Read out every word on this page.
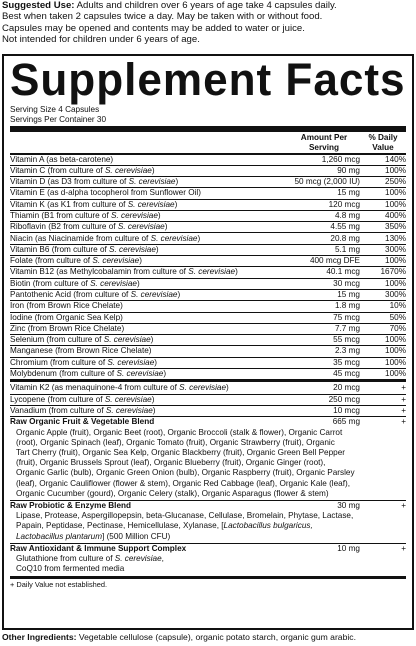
Suggested Use: Adults and children over 6 years of age take 4 capsules daily.
Best when taken 2 capsules twice a day. May be taken with or without food.
Capsules may be opened and contents may be added to water or juice.
Not intended for children under 6 years of age.
Supplement Facts
Serving Size 4 Capsules
Servings Per Container 30
Amount Per Serving
% Daily Value
Vitamin A (as beta-carotene)	1,260 mcg	140%
Vitamin C (from culture of S. cerevisiae)	90 mg	100%
Vitamin D (as D3 from culture of S. cerevisiae)	50 mcg (2,000 IU)	250%
Vitamin E (as d-alpha tocopherol from Sunflower Oil)	15 mg	100%
Vitamin K (as K1 from culture of S. cerevisiae)	120 mcg	100%
Thiamin (B1 from culture of S. cerevisiae)	4.8 mg	400%
Riboflavin (B2 from culture of S. cerevisiae)	4.55 mg	350%
Niacin (as Niacinamide from culture of S. cerevisiae)	20.8 mg	130%
Vitamin B6 (from culture of S. cerevisiae)	5.1 mg	300%
Folate (from culture of S. cerevisiae)	400 mcg DFE	100%
Vitamin B12 (as Methylcobalamin from culture of S. cerevisiae)	40.1 mcg	1670%
Biotin (from culture of S. cerevisiae)	30 mcg	100%
Pantothenic Acid (from culture of S. cerevisiae)	15 mg	300%
Iron (from Brown Rice Chelate)	1.8 mg	10%
Iodine (from Organic Sea Kelp)	75 mcg	50%
Zinc (from Brown Rice Chelate)	7.7 mg	70%
Selenium (from culture of S. cerevisiae)	55 mcg	100%
Manganese (from Brown Rice Chelate)	2.3 mg	100%
Chromium (from culture of S. cerevisiae)	35 mcg	100%
Molybdenum (from culture of S. cerevisiae)	45 mcg	100%
Vitamin K2 (as menaquinone-4 from culture of S. cerevisiae)	20 mcg	+
Lycopene (from culture of S. cerevisiae)	250 mcg	+
Vanadium (from culture of S. cerevisiae)	10 mcg	+
Raw Organic Fruit & Vegetable Blend	665 mg	+
Organic Apple (fruit), Organic Beet (root), Organic Broccoli (stalk & flower), Organic Carrot
(root), Organic Spinach (leaf), Organic Tomato (fruit), Organic Strawberry (fruit), Organic
Tart Cherry (fruit), Organic Sea Kelp, Organic Blackberry (fruit), Organic Green Bell Pepper
(fruit), Organic Brussels Sprout (leaf), Organic Blueberry (fruit), Organic Ginger (root),
Organic Garlic (bulb), Organic Green Onion (bulb), Organic Raspberry (fruit), Organic Parsley
(leaf), Organic Cauliflower (flower & stem), Organic Red Cabbage (leaf), Organic Kale (leaf),
Organic Cucumber (gourd), Organic Celery (stalk), Organic Asparagus (flower & stem)
Raw Probiotic & Enzyme Blend	30 mg	+
Lipase, Protease, Aspergillopepsin, beta-Glucanase, Cellulase, Bromelain, Phytase, Lactase,
Papain, Peptidase, Pectinase, Hemicellulase, Xylanase, [Lactobacillus bulgaricus,
Lactobacillus plantarum] (500 Million CFU)
Raw Antioxidant & Immune Support Complex	10 mg	+
Glutathione from culture of S. cerevisiae,
CoQ10 from fermented media
+ Daily Value not established.
Other Ingredients: Vegetable cellulose (capsule), organic potato starch, organic gum arabic.
